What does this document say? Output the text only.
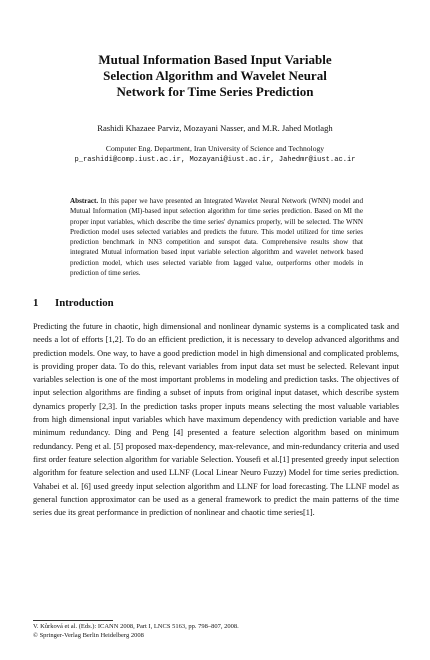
Mutual Information Based Input Variable
Selection Algorithm and Wavelet Neural
Network for Time Series Prediction
Rashidi Khazaee Parviz, Mozayani Nasser, and M.R. Jahed Motlagh
Computer Eng. Department, Iran University of Science and Technology
p_rashidi@comp.iust.ac.ir, Mozayani@iust.ac.ir, Jahedmr@iust.ac.ir
Abstract. In this paper we have presented an Integrated Wavelet Neural Network (WNN) model and Mutual Information (MI)-based input selection algorithm for time series prediction. Based on MI the proper input variables, which describe the time series' dynamics properly, will be selected. The WNN Prediction model uses selected variables and predicts the future. This model utilized for time series prediction benchmark in NN3 competition and sunspot data. Comprehensive results show that integrated Mutual information based input variable selection algorithm and wavelet network based prediction model, which uses selected variable from lagged value, outperforms other models in prediction of time series.
1 Introduction
Predicting the future in chaotic, high dimensional and nonlinear dynamic systems is a complicated task and needs a lot of efforts [1,2]. To do an efficient prediction, it is necessary to develop advanced algorithms and prediction models. One way, to have a good prediction model in high dimensional and complicated problems, is providing proper data. To do this, relevant variables from input data set must be selected. Relevant input variables selection is one of the most important problems in modeling and prediction tasks. The objectives of input selection algorithms are finding a subset of inputs from original input dataset, which describe system dynamics properly [2,3]. In the prediction tasks proper inputs means selecting the most valuable variables from high dimensional input variables which have maximum dependency with prediction variable and have minimum redundancy. Ding and Peng [4] presented a feature selection algorithm based on minimum redundancy. Peng et al. [5] proposed max-dependency, max-relevance, and min-redundancy criteria and used first order feature selection algorithm for variable Selection. Yousefi et al.[1] presented greedy input selection algorithm for feature selection and used LLNF (Local Linear Neuro Fuzzy) Model for time series prediction. Vahabei et al. [6] used greedy input selection algorithm and LLNF for load forecasting. The LLNF model as general function approximator can be used as a general framework to predict the main patterns of the time series due its great performance in prediction of nonlinear and chaotic time series[1].
V. Kůrková et al. (Eds.): ICANN 2008, Part I, LNCS 5163, pp. 798–807, 2008.
© Springer-Verlag Berlin Heidelberg 2008
